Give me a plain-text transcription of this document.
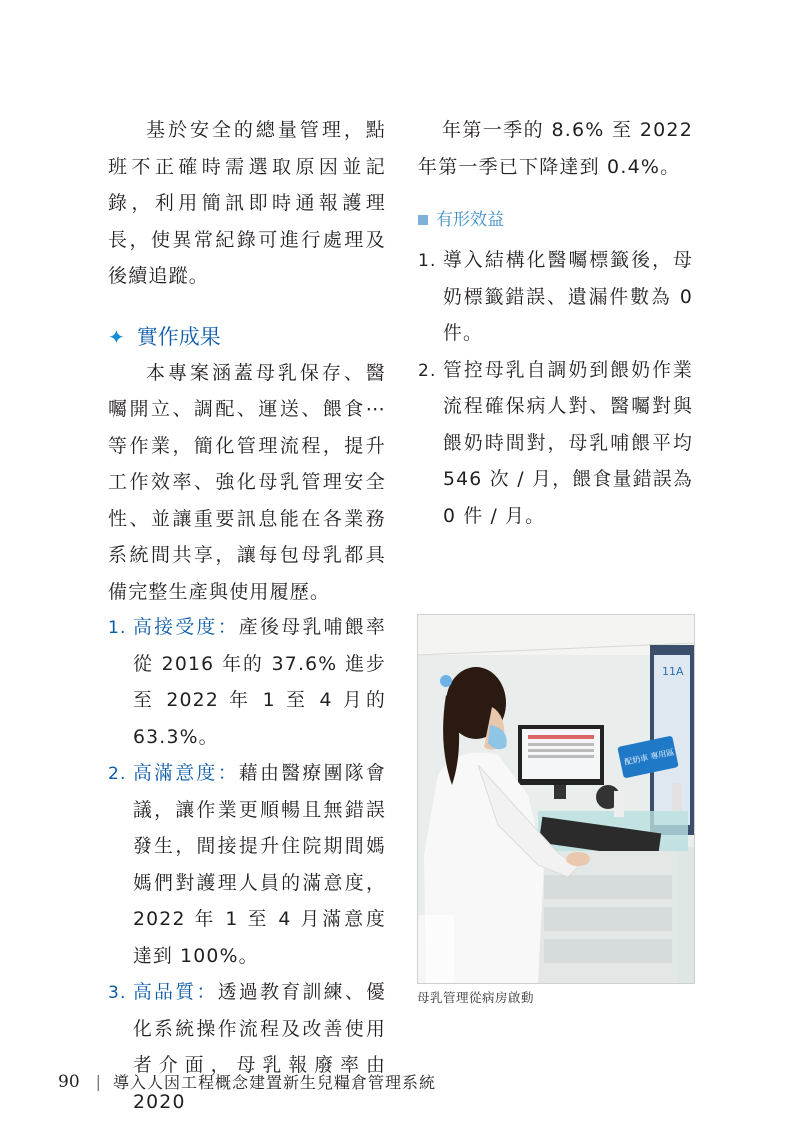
基於安全的總量管理，點班不正確時需選取原因並記錄，利用簡訊即時通報護理長，使異常紀錄可進行處理及後續追蹤。

✦ 實作成果

本專案涵蓋母乳保存、醫囑開立、調配、運送、餵食⋯等作業，簡化管理流程，提升工作效率、強化母乳管理安全性、並讓重要訊息能在各業務系統間共享，讓每包母乳都具備完整生產與使用履歷。

1. 高接受度：產後母乳哺餵率從 2016 年的 37.6% 進步至 2022 年 1 至 4 月的 63.3%。
2. 高滿意度：藉由醫療團隊會議，讓作業更順暢且無錯誤發生，間接提升住院期間媽媽們對護理人員的滿意度，2022 年 1 至 4 月滿意度達到 100%。
3. 高品質：透過教育訓練、優化系統操作流程及改善使用者介面，母乳報廢率由 2020

年第一季的 8.6% 至 2022 年第一季已下降達到 0.4%。

有形效益
1. 導入結構化醫囑標籤後，母奶標籤錯誤、遺漏件數為 0 件。
2. 管控母乳自調奶到餵奶作業流程確保病人對、醫囑對與餵奶時間對，母乳哺餵平均 546 次 / 月，餵食量錯誤為 0 件 / 月。
11A
配奶車 專用區
母乳管理從病房啟動
90 | 導入人因工程概念建置新生兒糧倉管理系統
